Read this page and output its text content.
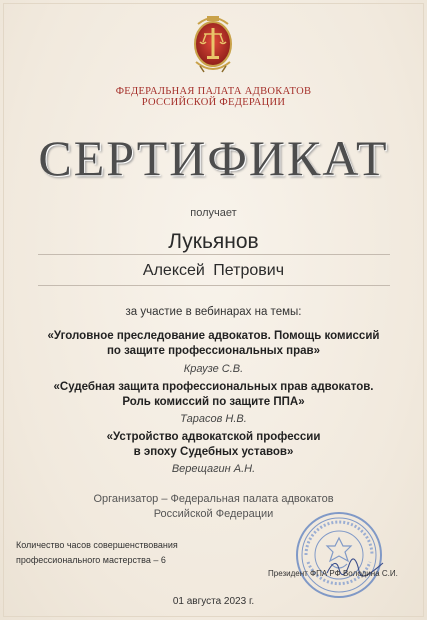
ФЕДЕРАЛЬНАЯ ПАЛАТА АДВОКАТОВ
РОССИЙСКОЙ ФЕДЕРАЦИИ
СЕРТИФИКАТ
получает
Лукьянов
Алексей Петрович
за участие в вебинарах на темы:
«Уголовное преследование адвокатов. Помощь комиссий
по защите профессиональных прав»
Краузе С.В.
«Судебная защита профессиональных прав адвокатов.
Роль комиссий по защите ППА»
Тарасов Н.В.
«Устройство адвокатской профессии
в эпоху Судебных уставов»
Верещагин А.Н.
Организатор – Федеральная палата адвокатов
Российской Федерации
Количество часов совершенствования
профессионального мастерства – 6
Президент ФПА РФ Володина С.И.
01 августа 2023 г.
